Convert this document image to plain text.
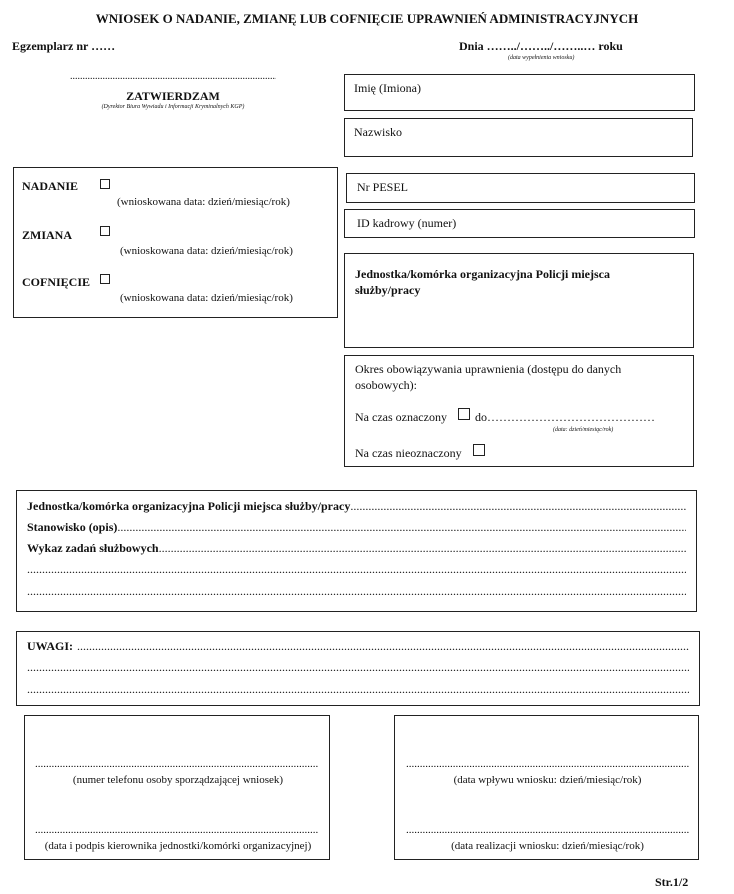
WNIOSEK O NADANIE, ZMIANĘ LUB COFNIĘCIE UPRAWNIEŃ ADMINISTRACYJNYCH
Egzemplarz nr ……	Dnia ……../……../……..… roku
(data wypełnienia wniosku)
.....
ZATWIERDZAM
(Dyrektor Biura Wywiadu i Informacji Kryminalnych KGP)
NADANIE
(wnioskowana data: dzień/miesiąc/rok)
ZMIANA
(wnioskowana data: dzień/miesiąc/rok)
COFNIĘCIE
(wnioskowana data: dzień/miesiąc/rok)
Imię (Imiona)
Nazwisko
Nr PESEL
ID kadrowy (numer)
Jednostka/komórka organizacyjna Policji miejsca służby/pracy
Okres obowiązywania uprawnienia (dostępu do danych osobowych):
Na czas oznaczony do……………………………………
(data: dzień/miesiąc/rok)
Na czas nieoznaczony
Jednostka/komórka organizacyjna Policji miejsca służby/pracy
.....
Stanowisko (opis)
.....
Wykaz zadań służbowych
.....
.....
.....
UWAGI:
.....
.....
.....
.....
(numer telefonu osoby sporządzającej wniosek)
.....
(data i podpis kierownika jednostki/komórki organizacyjnej)
.....
(data wpływu wniosku: dzień/miesiąc/rok)
.....
(data realizacji wniosku: dzień/miesiąc/rok)
Str.1/2
